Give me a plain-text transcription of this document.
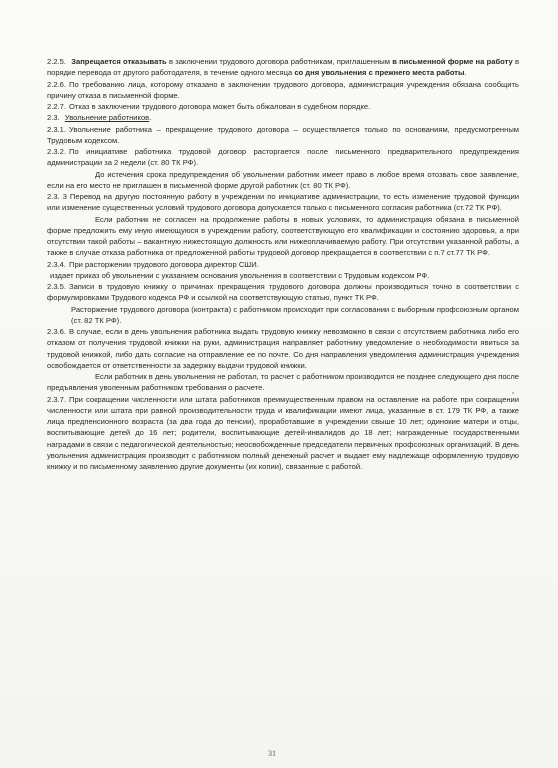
2.2.5. Запрещается отказывать в заключении трудового договора работникам, приглашенным в письменной форме на работу в порядке перевода от другого работодателя, в течение одного месяца со дня увольнения с прежнего места работы.

2.2.6. По требованию лица, которому отказано в заключении трудового договора, администрация учреждения обязана сообщить причину отказа в письменной форме.

2.2.7. Отказ в заключении трудового договора может быть обжалован в судебном порядке.

2.3. Увольнение работников.

2.3.1. Увольнение работника – прекращение трудового договора – осуществляется только по основаниям, предусмотренным Трудовым кодексом.

2.3.2. По инициативе работника трудовой договор расторгается после письменного предварительного предупреждения администрации за 2 недели (ст. 80 ТК РФ).

До истечения срока предупреждения об увольнении работник имеет право в любое время отозвать свое заявление, если на его место не приглашен в письменной форме другой работник (ст. 80 ТК РФ).

2.3. 3 Перевод на другую постоянную работу в учреждении по инициативе администрации, то есть изменение трудовой функции или изменение существенных условий трудового договора допускается только с письменного согласия работника (ст.72 ТК РФ).

Если работник не согласен на продолжение работы в новых условиях, то администрация обязана в письменной форме предложить ему иную имеющуюся в учреждении работу, соответствующую его квалификации и состоянию здоровья, а при отсутствии такой работы – вакантную нижестоящую должность или нижеоплачиваемую работу. При отсутствии указанной работы, а также в случае отказа работника от предложенной работы трудовой договор прекращается в соответствии с п.7 ст.77 ТК РФ.

2.3.4. При расторжении трудового договора директор СШИ.

издает приказ об увольнении с указанием основания увольнения в соответствии с Трудовым кодексом РФ.

2.3.5. Записи в трудовую книжку о причинах прекращения трудового договора должны производиться точно в соответствии с формулировками Трудового кодекса РФ и ссылкой на соответствующую статью, пункт ТК РФ.

Расторжение трудового договора (контракта) с работником происходит при согласовании с выборным профсоюзным органом (ст. 82 ТК РФ).

2.3.6. В случае, если в день увольнения работника выдать трудовую книжку невозможно в связи с отсутствием работника либо его отказом от получения трудовой книжки на руки, администрация направляет работнику уведомление о необходимости явиться за трудовой книжкой, либо дать согласие на отправление ее по почте. Со дня направления уведомления администрация учреждения освобождается от ответственности за задержку выдачи трудовой книжки.

Если работник в день увольнения не работал, то расчет с работником производится не позднее следующего дня после предъявления уволенным работником требования о расчете.

2.3.7. При сокращении численности или штата работников преимущественным правом на оставление на работе при сокращении численности или штата при равной производительности труда и квалификации имеют лица, указанные в ст. 179 ТК РФ, а также лица предпенсионного возраста (за два года до пенсии), проработавшие в учреждении свыше 10 лет; одинокие матери и отцы, воспитывающие детей до 16 лет; родители, воспитывающие детей-инвалидов до 18 лет; награжденные государственными наградами в связи с педагогической деятельностью; неосвобожденные председатели первичных профсоюзных организаций. В день увольнения администрация производит с работником полный денежный расчет и выдает ему надлежаще оформленную трудовую книжку и по письменному заявлению другие документы (их копии), связанные с работой.

31
